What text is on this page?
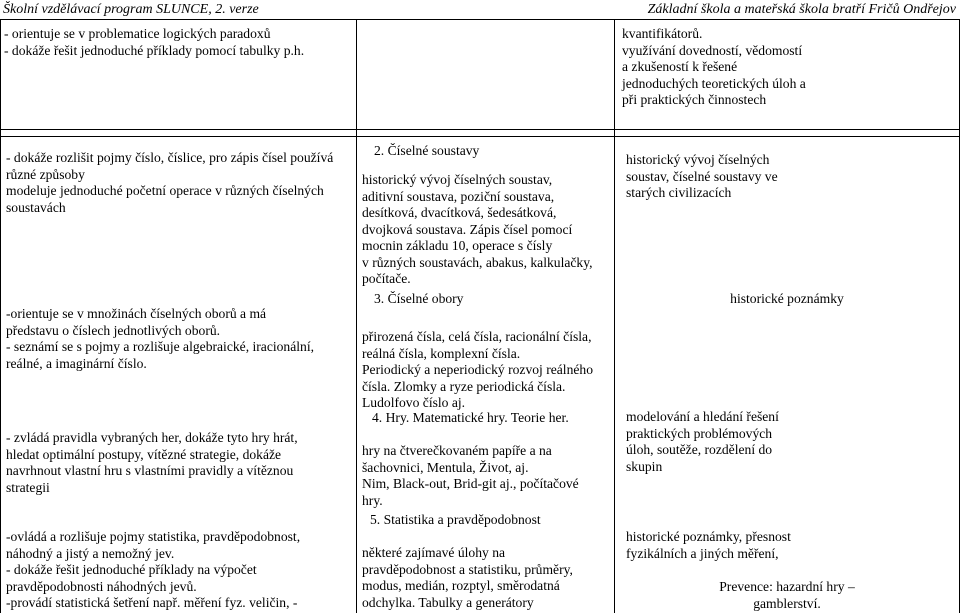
Školní vzdělávací program SLUNCE, 2. verze	Základní škola a mateřská škola bratří Fričů Ondřejov
- orientuje se v problematice logických paradoxů
- dokáže řešit jednoduché příklady pomocí tabulky p.h.
kvantifikátorů.
využívání dovedností, vědomostí
a zkušeností k řešené
jednoduchých teoretických úloh a
při praktických činnostech
- dokáže rozlišit pojmy číslo, číslice, pro zápis čísel používá
různé způsoby
modeluje jednoduché početní operace v různých číselných
soustavách
-orientuje se v množinách číselných oborů a má
představu o číslech jednotlivých oborů.
- seznámí se s pojmy a rozlišuje algebraické, iracionální,
reálné, a imaginární číslo.
- zvládá pravidla vybraných her, dokáže tyto hry hrát,
hledat optimální postupy, vítězné strategie, dokáže
navrhnout vlastní hru s vlastními pravidly a vítěznou
strategii
-ovládá a rozlišuje pojmy statistika, pravděpodobnost,
náhodný a jistý a nemožný jev.
- dokáže řešit jednoduché příklady na výpočet
pravděpodobnosti náhodných jevů.
-provádí statistická šetření např. měření fyz. veličin, -
2. Číselné soustavy
historický vývoj číselných soustav,
aditivní soustava, poziční soustava,
desítková, dvacítková, šedesátková,
dvojková soustava. Zápis čísel pomocí
mocnin základu 10, operace s čísly
v různých soustavách, abakus, kalkulačky,
počítače.
3. Číselné obory
přirozená čísla, celá čísla, racionální čísla,
reálná čísla, komplexní čísla.
Periodický a neperiodický rozvoj reálného
čísla. Zlomky a ryze periodická čísla.
Ludolfovo číslo aj.
4. Hry. Matematické hry. Teorie her.
hry na čtverečkovaném papíře a na
šachovnici, Mentula, Život, aj.
Nim, Black-out, Brid-git aj., počítačové
hry.
5. Statistika a pravděpodobnost
některé zajímavé úlohy na
pravděpodobnost a statistiku, průměry,
modus, medián, rozptyl, směrodatná
odchylka. Tabulky a generátory
historický vývoj číselných
soustav, číselné soustavy ve
starých civilizacích
historické poznámky
modelování a hledání řešení
praktických problémových
úloh, soutěže, rozdělení do
skupin
historické poznámky, přesnost
fyzikálních a jiných měření,
Prevence: hazardní hry –
gamblerství.
